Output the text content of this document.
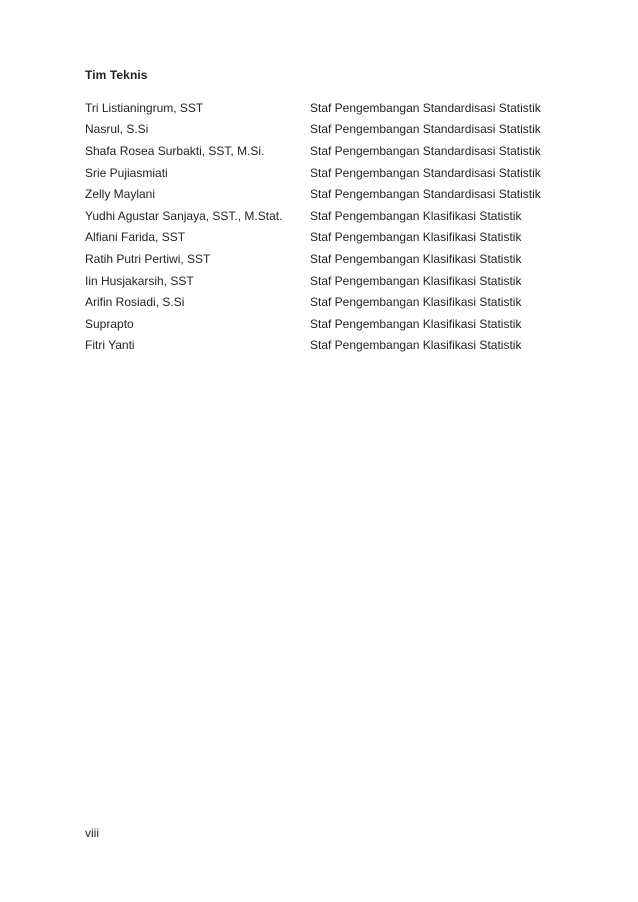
Tim Teknis
Tri Listianingrum, SST	Staf Pengembangan Standardisasi Statistik
Nasrul, S.Si	Staf Pengembangan Standardisasi Statistik
Shafa Rosea Surbakti, SST, M.Si.	Staf Pengembangan Standardisasi Statistik
Srie Pujiasmiati	Staf Pengembangan Standardisasi Statistik
Zelly Maylani	Staf Pengembangan Standardisasi Statistik
Yudhi Agustar Sanjaya, SST., M.Stat.	Staf Pengembangan Klasifikasi Statistik
Alfiani Farida, SST	Staf Pengembangan Klasifikasi Statistik
Ratih Putri Pertiwi, SST	Staf Pengembangan Klasifikasi Statistik
Iin Husjakarsih, SST	Staf Pengembangan Klasifikasi Statistik
Arifin Rosiadi, S.Si	Staf Pengembangan Klasifikasi Statistik
Suprapto	Staf Pengembangan Klasifikasi Statistik
Fitri Yanti	Staf Pengembangan Klasifikasi Statistik

viii
